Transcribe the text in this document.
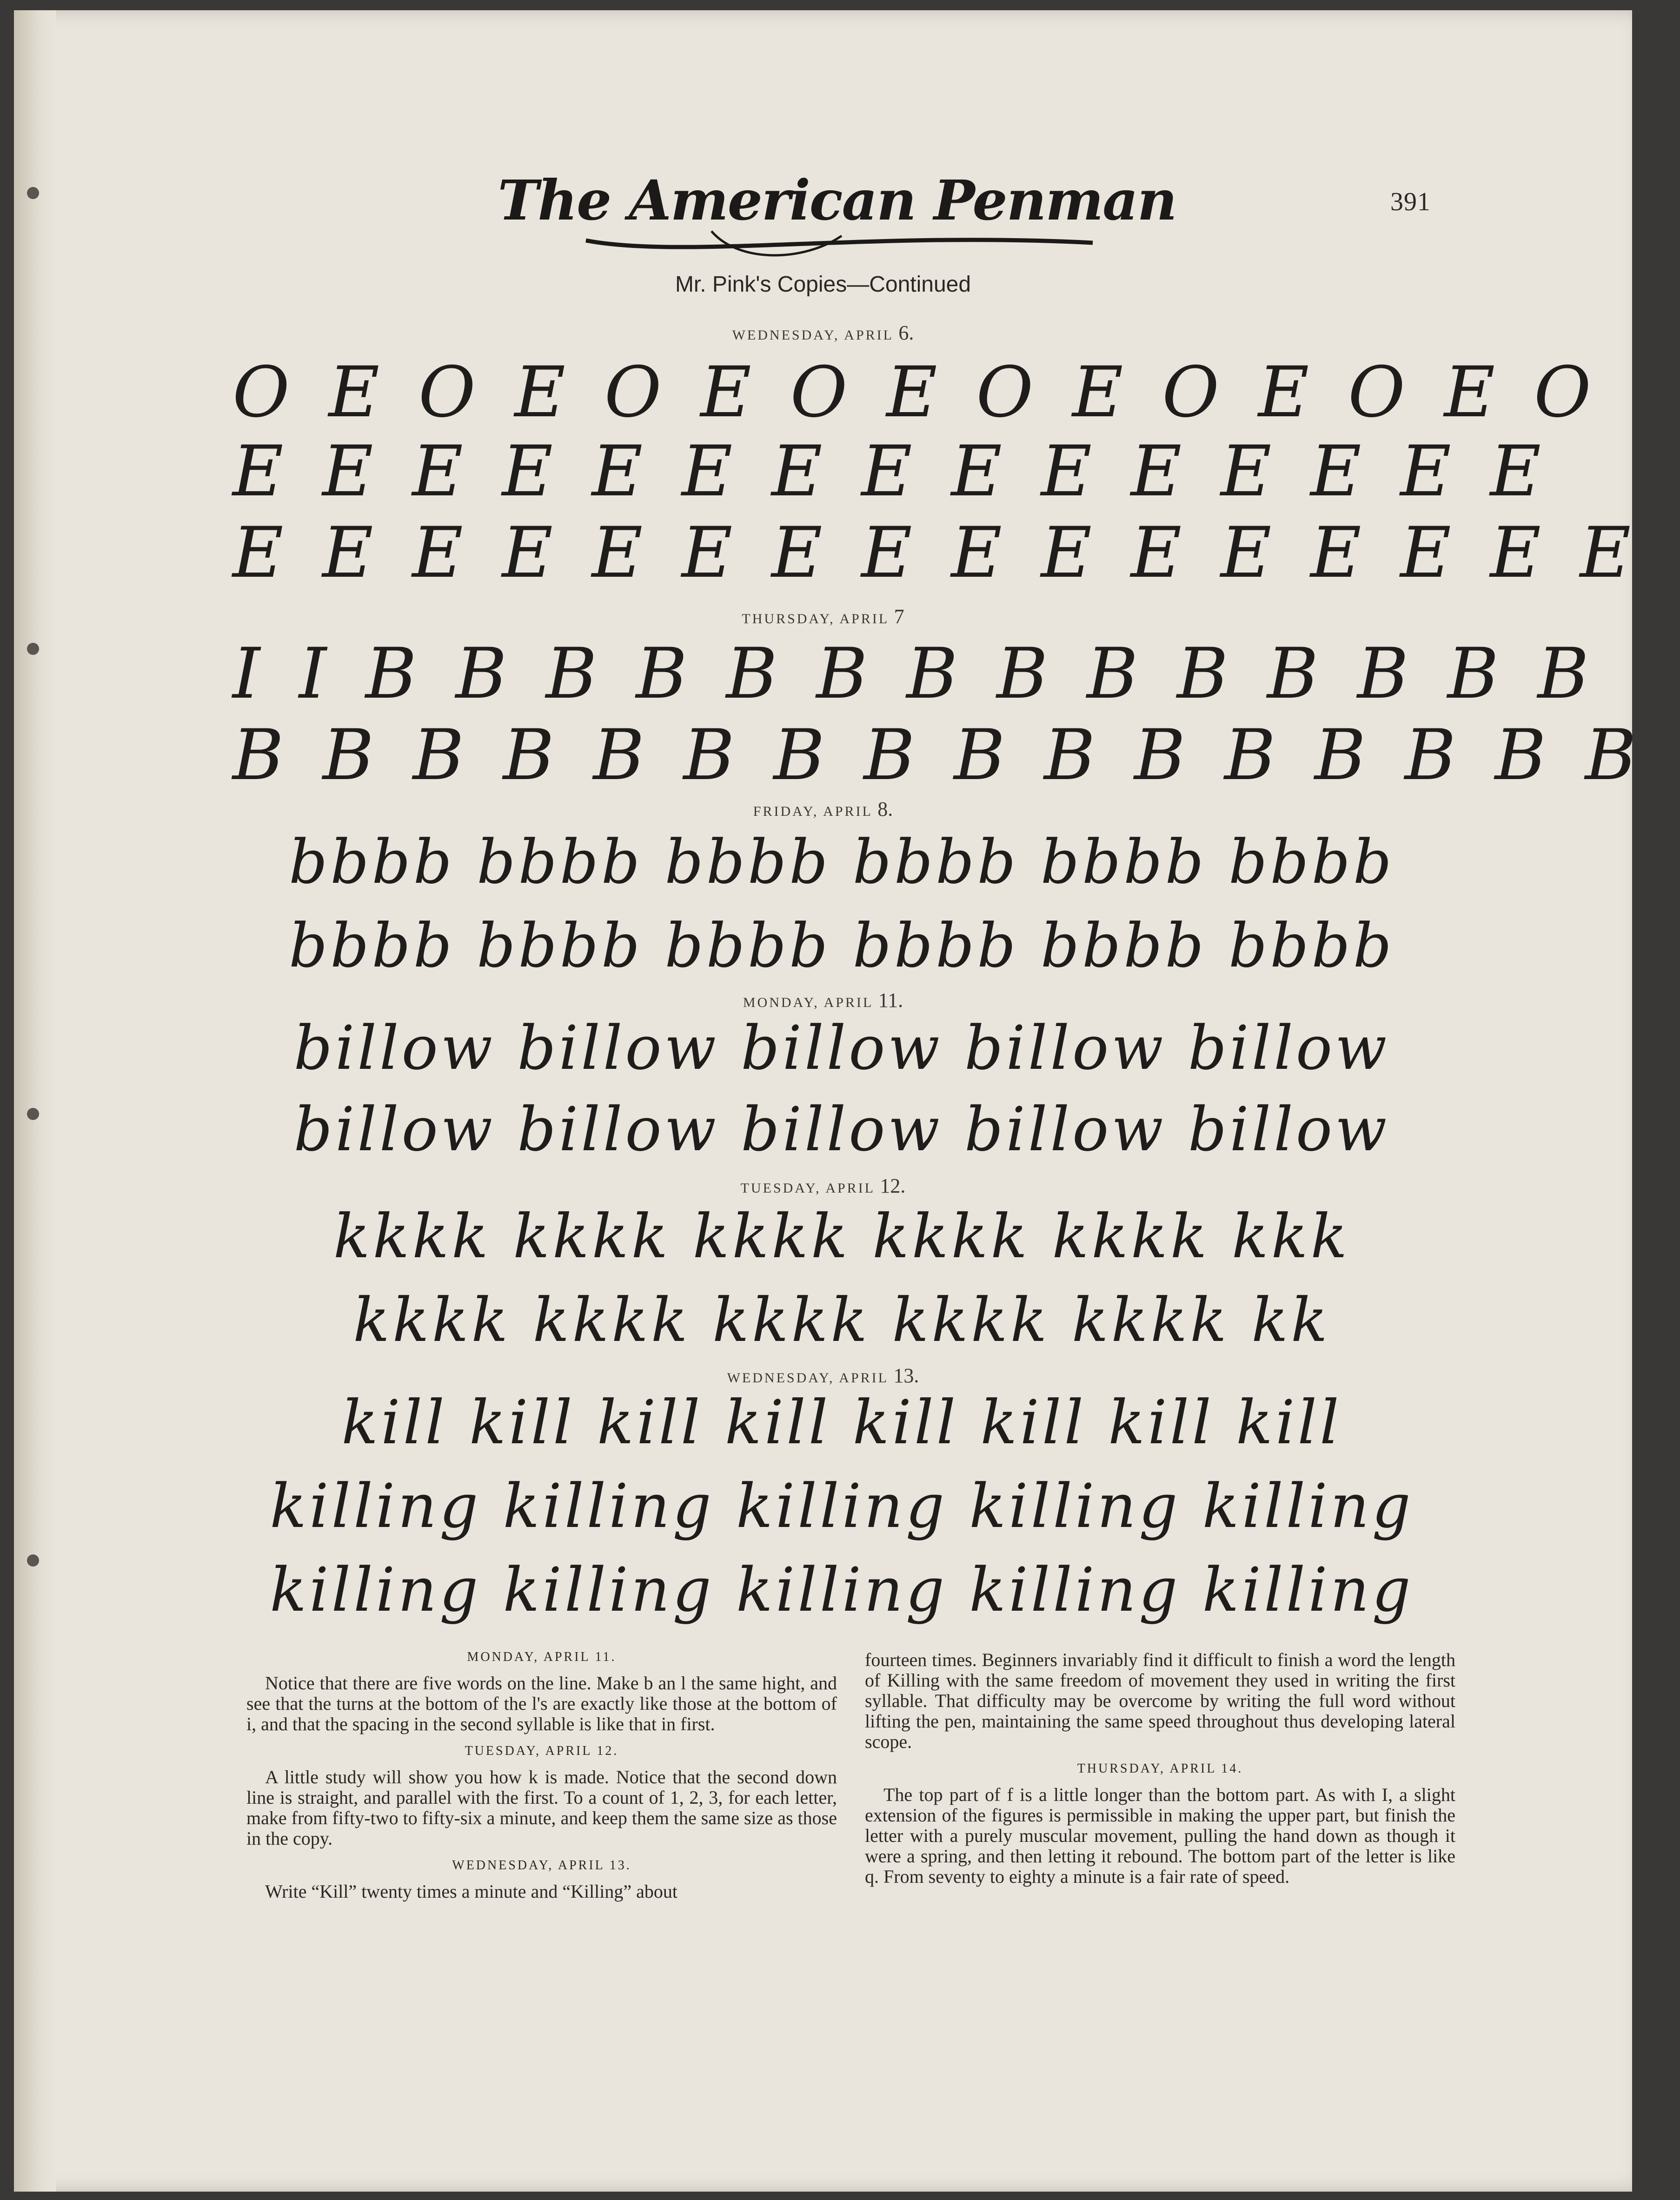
The American Penman	391
Mr. Pink's Copies—Continued
WEDNESDAY, APRIL 6.
O E O E O E O E O E O E O E O
E E E E E E E E E E E E E E E
E E E E E E E E E E E E E E E E
THURSDAY, APRIL 7
I I B B B B B B B B B B B B B B
B B B B B B B B B B B B B B B B
FRIDAY, APRIL 8.
bbbb bbbb bbbb bbbb bbbb bbbb
bbbb bbbb bbbb bbbb bbbb bbbb
MONDAY, APRIL 11.
billow billow billow billow billow
billow billow billow billow billow
TUESDAY, APRIL 12.
kkkk kkkk kkkk kkkk kkkk kkk
kkkk kkkk kkkk kkkk kkkk kk
WEDNESDAY, APRIL 13.
kill kill kill kill kill kill kill kill
killing killing killing killing killing
killing killing killing killing killing

MONDAY, APRIL 11.

Notice that there are five words on the line. Make b an l the same hight, and see that the turns at the bottom of the l's are exactly like those at the bottom of i, and that the spacing in the second syllable is like that in first.

TUESDAY, APRIL 12.

A little study will show you how k is made. Notice that the second down line is straight, and parallel with the first. To a count of 1, 2, 3, for each letter, make from fifty-two to fifty-six a minute, and keep them the same size as those in the copy.

WEDNESDAY, APRIL 13.

Write “Kill” twenty times a minute and “Killing” about

fourteen times. Beginners invariably find it difficult to finish a word the length of Killing with the same freedom of movement they used in writing the first syllable. That difficulty may be overcome by writing the full word without lifting the pen, maintaining the same speed throughout thus developing lateral scope.

THURSDAY, APRIL 14.

The top part of f is a little longer than the bottom part. As with I, a slight extension of the figures is permissible in making the upper part, but finish the letter with a purely muscular movement, pulling the hand down as though it were a spring, and then letting it rebound. The bottom part of the letter is like q. From seventy to eighty a minute is a fair rate of speed.
